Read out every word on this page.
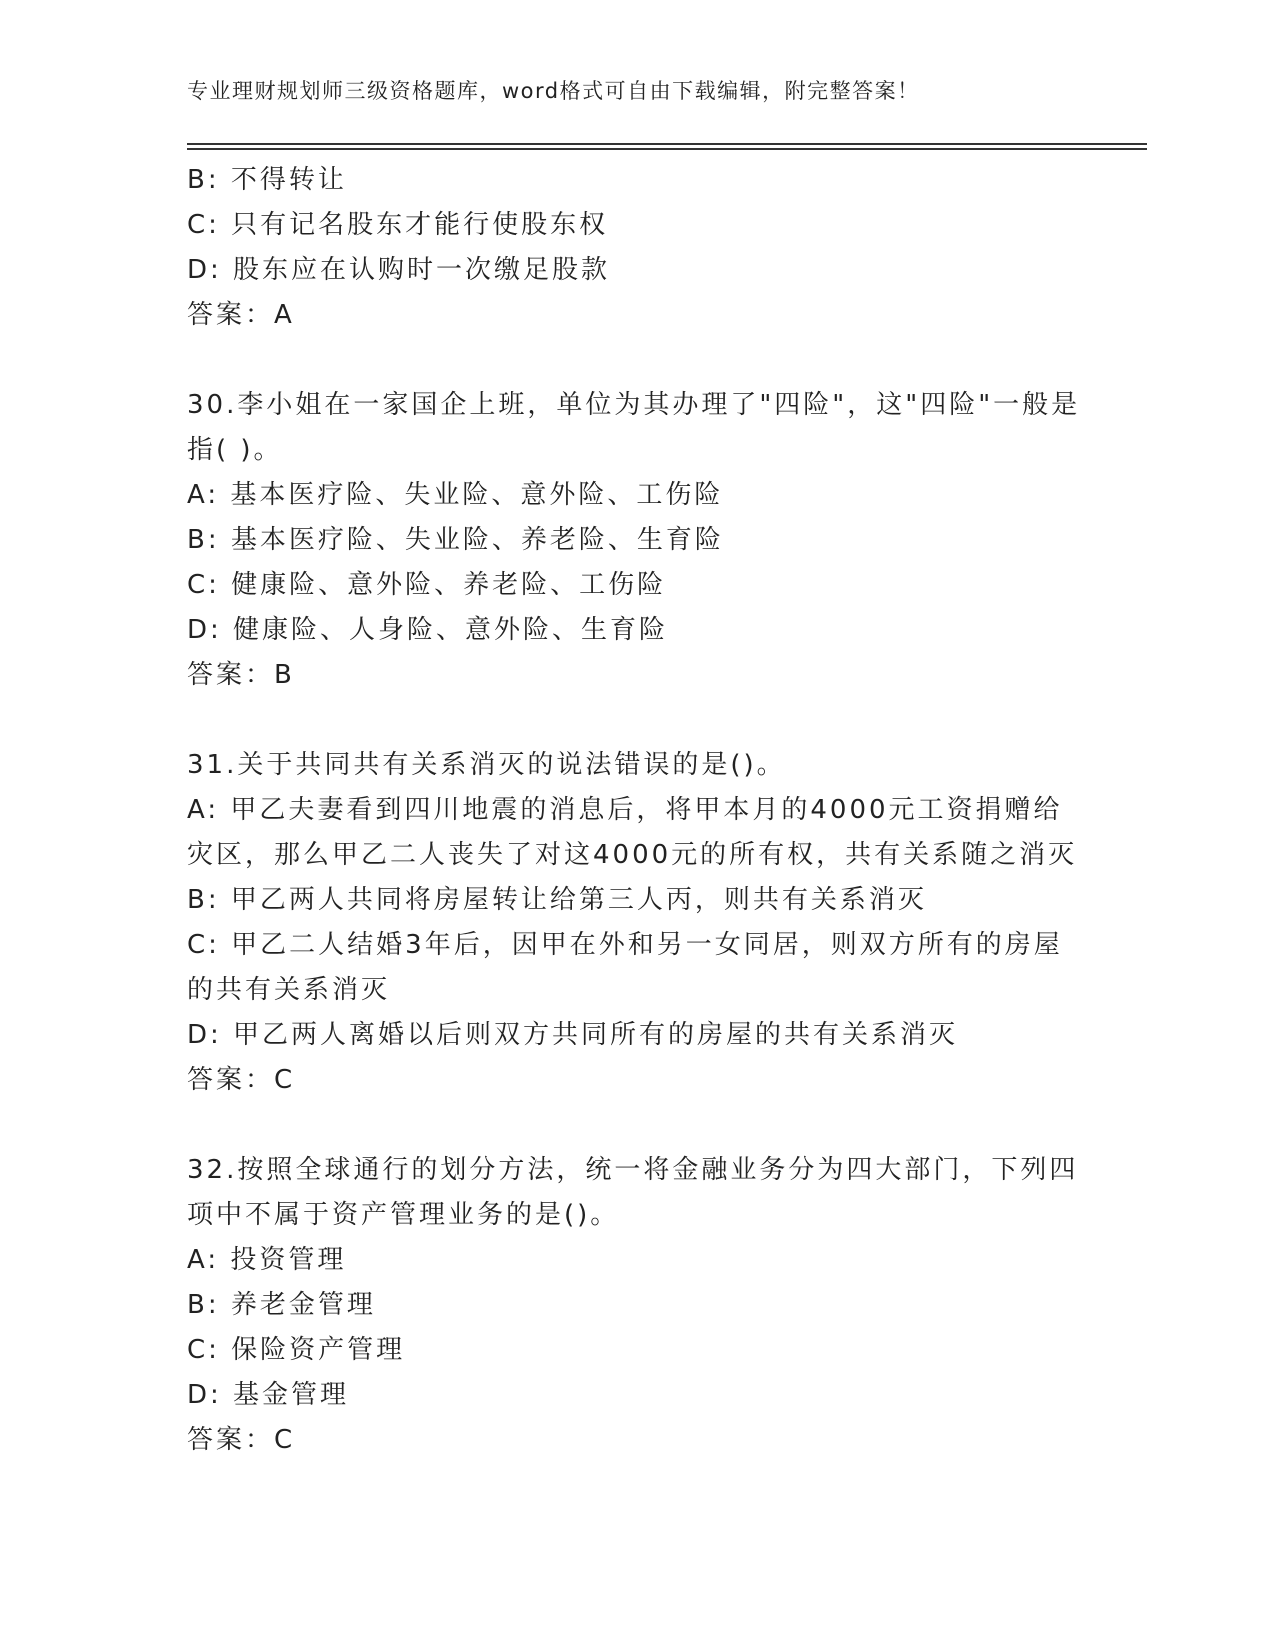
专业理财规划师三级资格题库，word格式可自由下载编辑，附完整答案！
B: 不得转让
C: 只有记名股东才能行使股东权
D: 股东应在认购时一次缴足股款
答案：A
30.李小姐在一家国企上班，单位为其办理了"四险"，这"四险"一般是
指( )。
A: 基本医疗险、失业险、意外险、工伤险
B: 基本医疗险、失业险、养老险、生育险
C: 健康险、意外险、养老险、工伤险
D: 健康险、人身险、意外险、生育险
答案：B
31.关于共同共有关系消灭的说法错误的是()。
A: 甲乙夫妻看到四川地震的消息后，将甲本月的4000元工资捐赠给
灾区，那么甲乙二人丧失了对这4000元的所有权，共有关系随之消灭
B: 甲乙两人共同将房屋转让给第三人丙，则共有关系消灭
C: 甲乙二人结婚3年后，因甲在外和另一女同居，则双方所有的房屋
的共有关系消灭
D: 甲乙两人离婚以后则双方共同所有的房屋的共有关系消灭
答案：C
32.按照全球通行的划分方法，统一将金融业务分为四大部门，下列四
项中不属于资产管理业务的是()。
A: 投资管理
B: 养老金管理
C: 保险资产管理
D: 基金管理
答案：C
